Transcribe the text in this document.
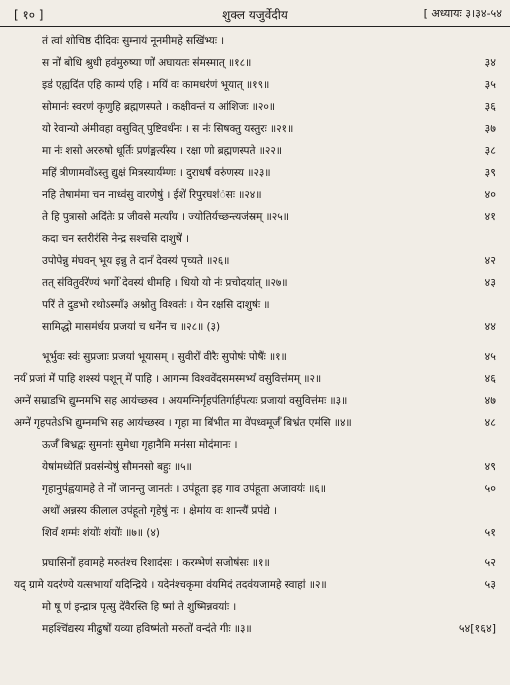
[ १० ]	शुक्ल यजुर्वेदीय	[ अध्यायः ३।३४-५४
तं त्वा॑ शोचिष्ठ दीदिवः सुम्नाय॑ नूनमीमहे सखि॑भ्यः ।
स नो॑ बोधि श्रुधी हव॑मुरुष्या णो॑ अघायतः स॑मस्मात् ॥१८॥	३४
इड॑ एह्यदि॑त एहि काम्य॑ एहि । मयि॑ वः कामधर॑णं भूयात् ॥१९॥	३५
सोमानः॑ स्वरण॑ कृणुहि ब्रह्मणस्पते । कक्षीवन्तं य आ॑शिजः ॥२०॥	३६
यो रेवान्यो अ॑मीवहा वसुवित् पुष्टिवर्ध॑नः । स नः॑ सिषक्तु यस्तुरः ॥२१॥	३७
मा नः॑ शसो अररुषो धूर्तिः प्रण॑ङ्मर्त्य॑स्य । रक्षा णो ब्रह्मणस्पते ॥२२॥	३८
महि॑ त्रीणामवो॑ऽस्तु द्युक्षं मित्रस्यार्य॑म्णः । दुराधर्षं वरु॑णस्य ॥२३॥	३९
नहि तेषाम॑मा चन नाध्व॑सु वारणेषु॑ । ईशे॑ रिपुरघश॑ंसः ॥२४॥	४०
ते हि पुत्रासो अदि॑तेः प्र जीवसे मर्त्या॑य । ज्योतिर्यच्छन्त्यज॑स्रम् ॥२५॥	४१
कदा चन स्तरीर॑सि नेन्द्र सश्चसि दाशुषे॑ ।
उपोपेन्नु म॑घवन् भूय इन्नु ते दानं॑ देवस्य॑ पृच्यते ॥२६॥	४२
तत् स॑वितुर्वरे॑ण्यं भर्गो॑ देवस्य॑ धीमहि । धियो यो नः॑ प्रचोदया॑त् ॥२७॥	४३
परि॑ ते दुडभो रथोऽस्माँ३ अश्नोतु विश्वतः॑ । येन रक्षसि दाशुषः॑ ॥
सामिद्धो मासम॑र्धय प्रजया॑ च धने॑न च ॥२८॥ (३)	४४
भूर्भुवः स्वः॑ सुप्रजाः प्रजया॑ भूयासम् । सुवीरो॑ वीरैः सुपोषः॑ पोषैः॑ ॥१॥	४५
नर्य॑ प्रजां मे॑ पाहि शश्स्य॑ पशून् मे॑ पाहि । आगन्म विश्ववे॑दसमस्मभ्यं॑ वसुवित्त॑मम् ॥२॥	४६
अग्ने॑ सम्राडभि द्युम्नमभि सह आय॑च्छस्व । अयमग्निर्गृहप॑तिर्गार्ह॑पत्यः प्रजाया॑ वसुवित्त॑मः ॥३॥	४७
अग्ने॑ गृहपतेऽभि द्युम्नमभि सह आय॑च्छस्व । गृहा मा बि॑भीत मा वे॑पध्वमूर्जं॑ बिभ्र॑त एम॑सि ॥४॥	४८
ऊर्जं॑ बिभ्रद्वः सुमनाः॑ सुमेधा गृहानैमि मन॑सा मोद॑मानः ।
येषा॑मध्येति॑ प्रवस॑न्येषु॑ सौमनसो बहुः ॥५॥	४९
गृहानुप॑ह्वयामहे ते नो॑ जानन्तु जानतः॑ । उप॑हूता इह गाव उप॑हूता अजावयः॑ ॥६॥	५०
अथो॑ अन्नस्य कीलाल उप॑हूतो गृहेषु॑ नः । क्षेमा॑य वः शान्त्यै॑ प्रप॑द्ये ।
शिवं॑ शग्मः॑ शंयोः॑ शंयोः॑ ॥७॥ (४)	५१
प्रघासिनो॑ हवामहे मरुत॑श्च रिशाद॑सः । करम्भेण॑ सजोष॑सः ॥१॥	५२
यद् ग्रामे यदर॑ण्ये यत्सभायां॑ यदिन्द्रिये । यदेन॑श्चकृमा व॑यमिदं तदव॑यजामहे स्वाहा॑ ॥२॥	५३
मो षू ण॑ इन्द्रात्र पृत्सु दे॑वैरस्ति हि ष्मा॑ ते शुष्मिन्नवयाः॑ ।
महश्चि॑द्यस्य मीढुषो॑ यव्या हविष्म॑तो मरुतो॑ वन्द॑ते गीः ॥३॥	५४[१६४]
